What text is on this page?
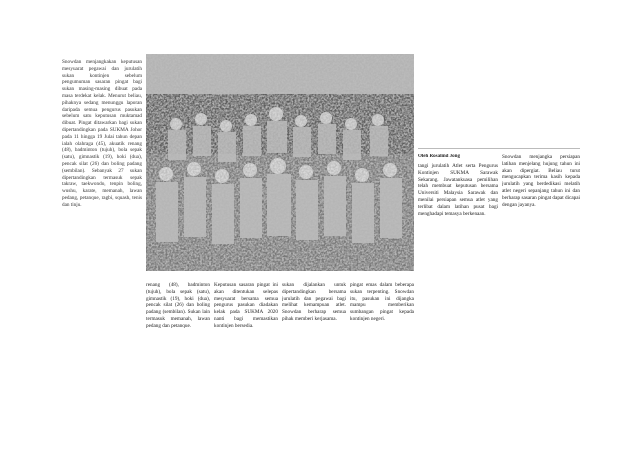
Snowdan menjangkakan keputusan mesyuarat pegawai dan jurulatih sukan kontinjen sebelum pengumuman sasaran pingat bagi sukan masing-masing dibuat pada masa terdekat kelak. Menurut beliau, pihaknya sedang menunggu laporan daripada semua pengurus pasukan sebelum satu keputusan muktamad dibuat. Pingat ditawarkan bagi sukan dipertandingkan pada SUKMA Johor pada 11 hingga 19 Julai tahun depan ialah olahraga (45), akuatik renang (48), badminton (tujuh), bola sepak (satu), gimnastik (19), hoki (dua), pencak silat (26) dan boling padang (sembilan). Sebanyak 27 sukan dipertandingkan termasuk sepak takraw, taekwondo, tenpin boling, wushu, karate, memanah, lawan pedang, petanque, ragbi, squash, tenis dan tinju.
renang (48), badminton (tujuh), bola sepak (satu), gimnastik (19), hoki (dua), pencak silat (26) dan boling padang (sembilan). Sukan lain termasuk memanah, lawan pedang dan petanque.
Keputusan sasaran pingat ini akan ditentukan selepas mesyuarat bersama semua pengurus pasukan diadakan kelak pada SUKMA 2020 nanti bagi memastikan kontinjen bersedia.
sukan dijalankan untuk dipertandingkan bersama jurulatih dan pegawai bagi melihat kemampuan atlet. Snowdan berharap semua pihak memberi kerjasama.
pingat emas dalam beberapa sukan terpenting. Snowdan itu, pasukan ini dijangka mampu memberikan sumbangan pingat kepada kontinjen negeri.
Oleh Rosalind Jong
tangi jurulatih Atlet serta Pengurus Kontinjen SUKMA Sarawak Sekarang. Jawatankuasa pemilihan telah membuat keputusan bersama Universiti Malaysia Sarawak dan menilai persiapan semua atlet yang terlibat dalam latihan pusat bagi menghadapi temasya berkenaan.
Snowdan menjangka persiapan latihan menjelang hujung tahun ini akan dipergiat. Beliau turut mengucapkan terima kasih kepada jurulatih yang berdedikasi melatih atlet negeri sepanjang tahun ini dan berharap sasaran pingat dapat dicapai dengan jayanya.
